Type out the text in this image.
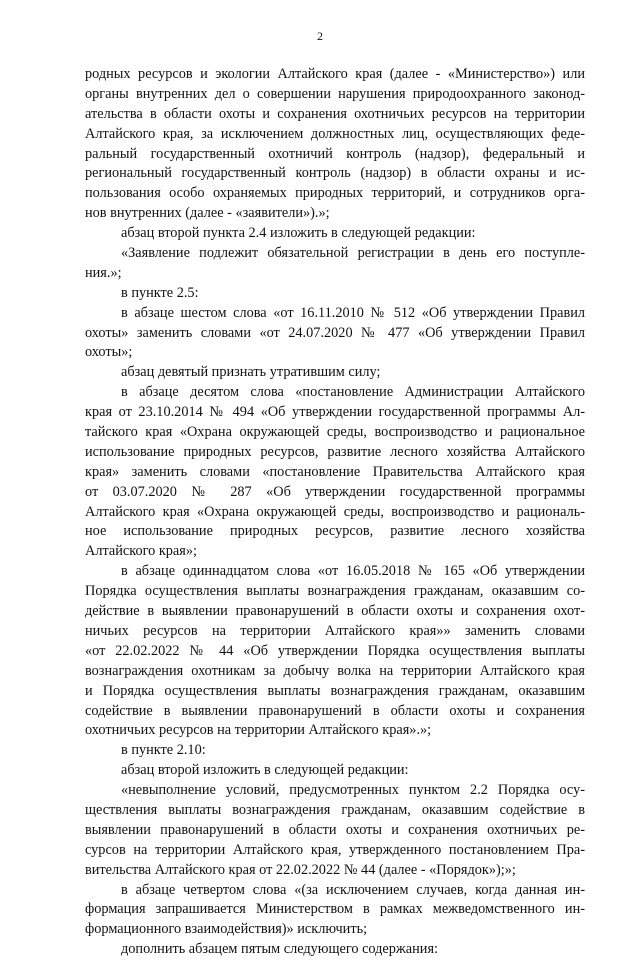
2
родных ресурсов и экологии Алтайского края (далее - «Министерство») или
органы внутренних дел о совершении нарушения природоохранного законод-
ательства в области охоты и сохранения охотничьих ресурсов на территории
Алтайского края, за исключением должностных лиц, осуществляющих феде-
ральный государственный охотничий контроль (надзор), федеральный и
региональный государственный контроль (надзор) в области охраны и ис-
пользования особо охраняемых природных территорий, и сотрудников орга-
нов внутренних (далее - «заявители»).»;
абзац второй пункта 2.4 изложить в следующей редакции:
«Заявление подлежит обязательной регистрации в день его поступле-
ния.»;
в пункте 2.5:
в абзаце шестом слова «от 16.11.2010 № 512 «Об утверждении Правил
охоты» заменить словами «от 24.07.2020 № 477 «Об утверждении Правил
охоты»;
абзац девятый признать утратившим силу;
в абзаце десятом слова «постановление Администрации Алтайского
края от 23.10.2014 № 494 «Об утверждении государственной программы Ал-
тайского края «Охрана окружающей среды, воспроизводство и рациональное
использование природных ресурсов, развитие лесного хозяйства Алтайского
края» заменить словами «постановление Правительства Алтайского края
от 03.07.2020 № 287 «Об утверждении государственной программы
Алтайского края «Охрана окружающей среды, воспроизводство и рациональ-
ное использование природных ресурсов, развитие лесного хозяйства
Алтайского края»;
в абзаце одиннадцатом слова «от 16.05.2018 № 165 «Об утверждении
Порядка осуществления выплаты вознаграждения гражданам, оказавшим со-
действие в выявлении правонарушений в области охоты и сохранения охот-
ничьих ресурсов на территории Алтайского края»» заменить словами
«от 22.02.2022 № 44 «Об утверждении Порядка осуществления выплаты
вознаграждения охотникам за добычу волка на территории Алтайского края
и Порядка осуществления выплаты вознаграждения гражданам, оказавшим
содействие в выявлении правонарушений в области охоты и сохранения
охотничьих ресурсов на территории Алтайского края».»;
в пункте 2.10:
абзац второй изложить в следующей редакции:
«невыполнение условий, предусмотренных пунктом 2.2 Порядка осу-
ществления выплаты вознаграждения гражданам, оказавшим содействие в
выявлении правонарушений в области охоты и сохранения охотничьих ре-
сурсов на территории Алтайского края, утвержденного постановлением Пра-
вительства Алтайского края от 22.02.2022 № 44 (далее - «Порядок»);»;
в абзаце четвертом слова «(за исключением случаев, когда данная ин-
формация запрашивается Министерством в рамках межведомственного ин-
формационного взаимодействия)» исключить;
дополнить абзацем пятым следующего содержания:
